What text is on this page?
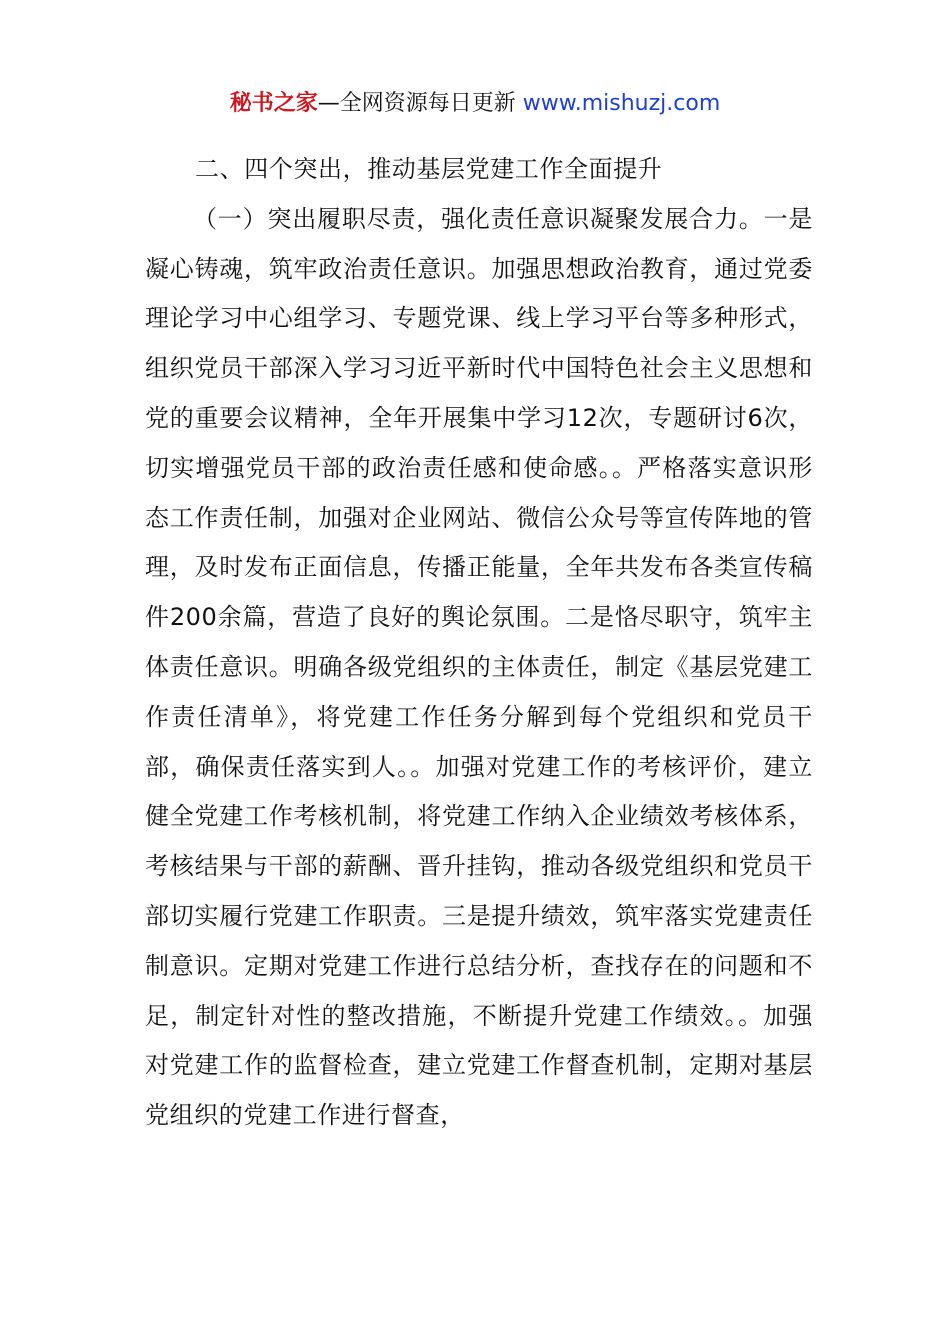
秘书之家—全网资源每日更新 www.mishuzj.com

二、四个突出，推动基层党建工作全面提升

（一）突出履职尽责，强化责任意识凝聚发展合力。一是凝心铸魂，筑牢政治责任意识。加强思想政治教育，通过党委理论学习中心组学习、专题党课、线上学习平台等多种形式，组织党员干部深入学习习近平新时代中国特色社会主义思想和党的重要会议精神，全年开展集中学习12次，专题研讨6次，切实增强党员干部的政治责任感和使命感。。严格落实意识形态工作责任制，加强对企业网站、微信公众号等宣传阵地的管理，及时发布正面信息，传播正能量，全年共发布各类宣传稿件200余篇，营造了良好的舆论氛围。二是恪尽职守，筑牢主体责任意识。明确各级党组织的主体责任，制定《基层党建工作责任清单》，将党建工作任务分解到每个党组织和党员干部，确保责任落实到人。。加强对党建工作的考核评价，建立健全党建工作考核机制，将党建工作纳入企业绩效考核体系，考核结果与干部的薪酬、晋升挂钩，推动各级党组织和党员干部切实履行党建工作职责。三是提升绩效，筑牢落实党建责任制意识。定期对党建工作进行总结分析，查找存在的问题和不足，制定针对性的整改措施，不断提升党建工作绩效。。加强对党建工作的监督检查，建立党建工作督查机制，定期对基层党组织的党建工作进行督查，
